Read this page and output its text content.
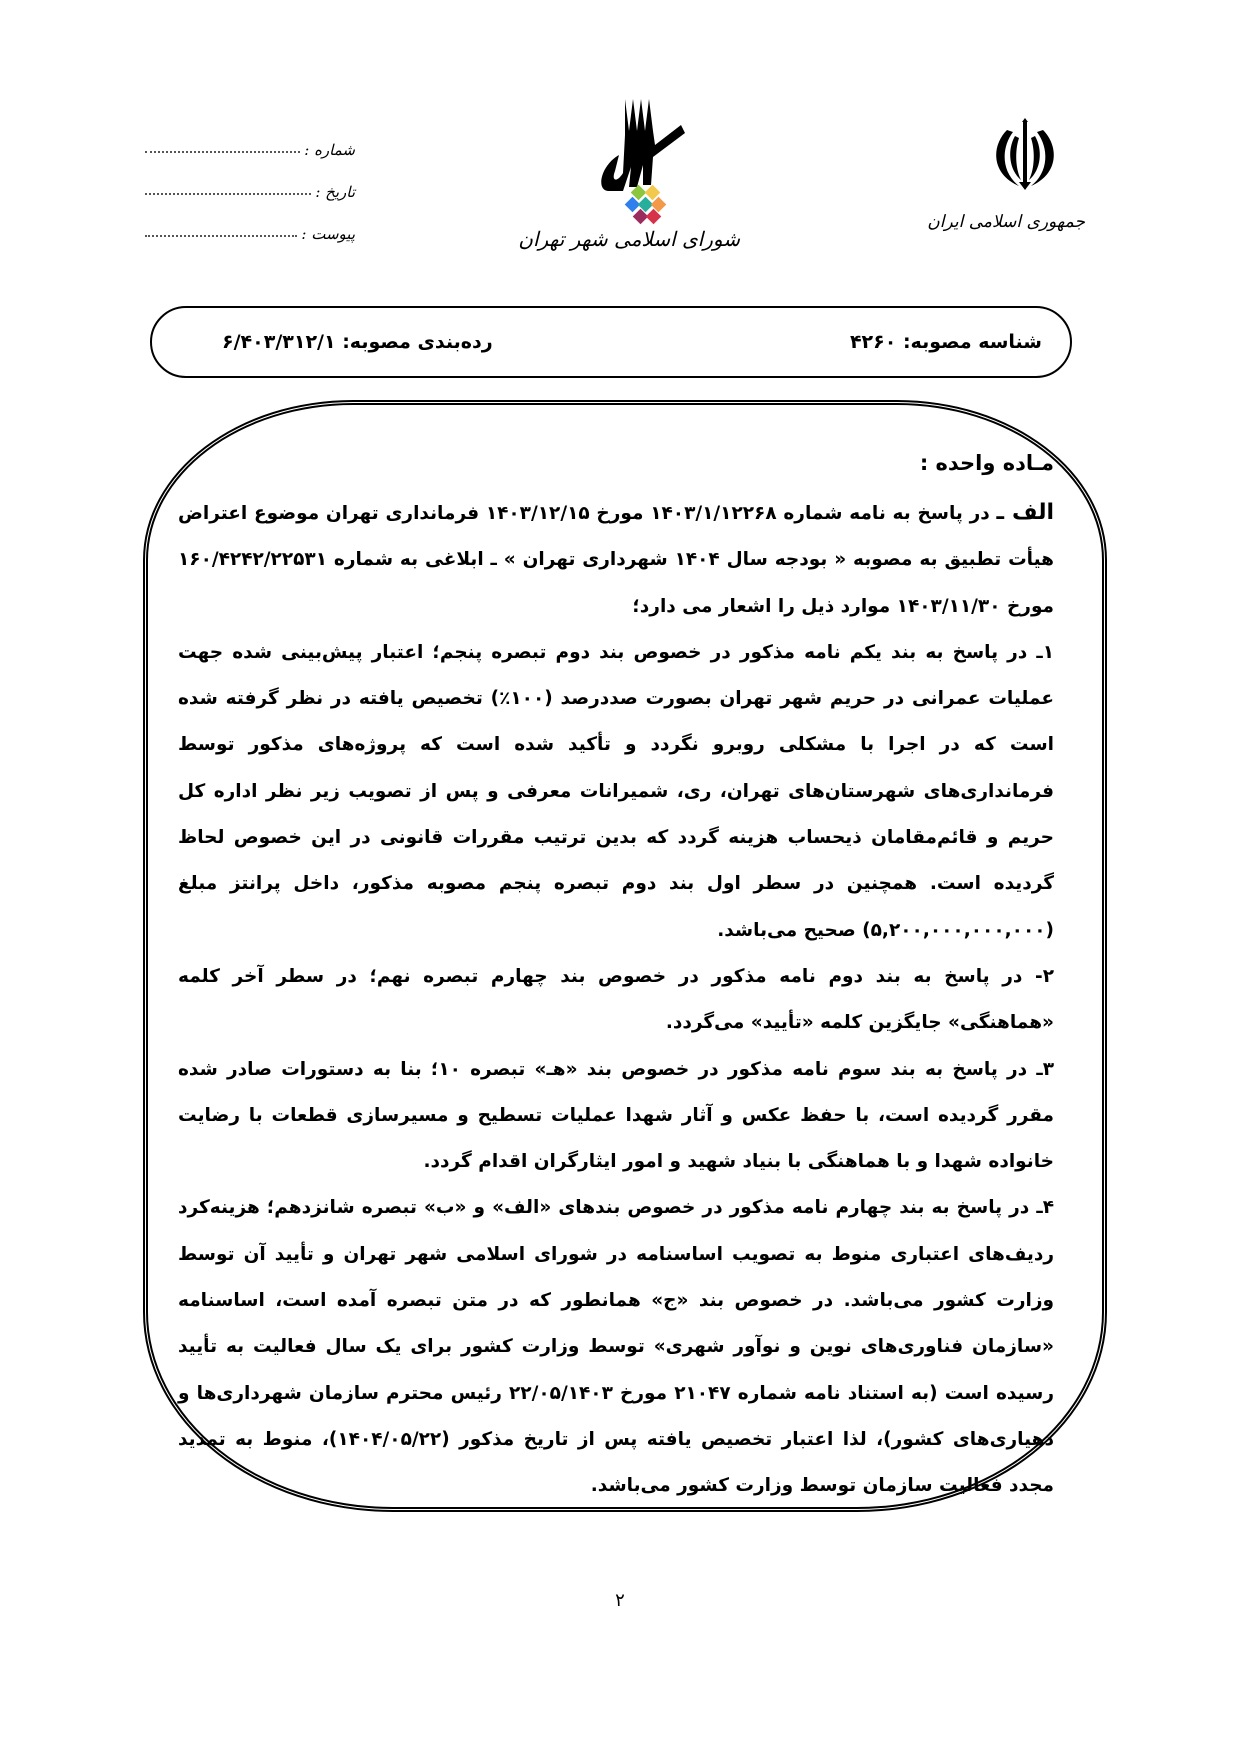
جمهوری اسلامی ایران
شورای اسلامی شهر تهران
شماره :
تاریخ :
پیوست :
شناسه مصوبه: ۴۲۶۰
رده‌بندی مصوبه: ۶/۴۰۳/۳۱۲/۱
مـاده واحده :

الف ـ در پاسخ به نامه شماره ۱۴۰۳/۱/۱۲۲۶۸ مورخ ۱۴۰۳/۱۲/۱۵ فرمانداری تهران موضوع اعتراض هیأت تطبیق به مصوبه « بودجه سال ۱۴۰۴ شهرداری تهران » ـ ابلاغی به شماره ۱۶۰/۴۲۴۲/۲۲۵۳۱ مورخ ۱۴۰۳/۱۱/۳۰ موارد ذیل را اشعار می دارد؛

۱ـ در پاسخ به بند یکم نامه مذکور در خصوص بند دوم تبصره پنجم؛ اعتبار پیش‌بینی شده جهت عملیات عمرانی در حریم شهر تهران بصورت صددرصد (۱۰۰٪) تخصیص یافته در نظر گرفته شده است که در اجرا با مشکلی روبرو نگردد و تأکید شده است که پروژه‌های مذکور توسط فرمانداری‌های شهرستان‌های تهران، ری، شمیرانات معرفی و پس از تصویب زیر نظر اداره کل حریم و قائم‌مقامان ذیحساب هزینه گردد که بدین ترتیب مقررات قانونی در این خصوص لحاظ گردیده است. همچنین در سطر اول بند دوم تبصره پنجم مصوبه مذکور، داخل پرانتز مبلغ (۵,۲۰۰,۰۰۰,۰۰۰,۰۰۰) صحیح می‌باشد.

۲- در پاسخ به بند دوم نامه مذکور در خصوص بند چهارم تبصره نهم؛ در سطر آخر کلمه «هماهنگی» جایگزین کلمه «تأیید» می‌گردد.

۳ـ در پاسخ به بند سوم نامه مذکور در خصوص بند «هـ» تبصره ۱۰؛ بنا به دستورات صادر شده مقرر گردیده است، با حفظ عکس و آثار شهدا عملیات تسطیح و مسیرسازی قطعات با رضایت خانواده شهدا و با هماهنگی با بنیاد شهید و امور ایثارگران اقدام گردد.

۴ـ در پاسخ به بند چهارم نامه مذکور در خصوص بندهای «الف» و «ب» تبصره شانزدهم؛ هزینه‌کرد ردیف‌های اعتباری منوط به تصویب اساسنامه در شورای اسلامی شهر تهران و تأیید آن توسط وزارت کشور می‌باشد. در خصوص بند «ج» همانطور که در متن تبصره آمده است، اساسنامه «سازمان فناوری‌های نوین و نوآور شهری» توسط وزارت کشور برای یک سال فعالیت به تأیید رسیده است (به استناد نامه شماره ۲۱۰۴۷ مورخ ۲۲/۰۵/۱۴۰۳ رئیس محترم سازمان شهرداری‌ها و دهیاری‌های کشور)، لذا اعتبار تخصیص یافته پس از تاریخ مذکور (۱۴۰۴/۰۵/۲۲)، منوط به تمدید مجدد فعالیت سازمان توسط وزارت کشور می‌باشد.

۲
